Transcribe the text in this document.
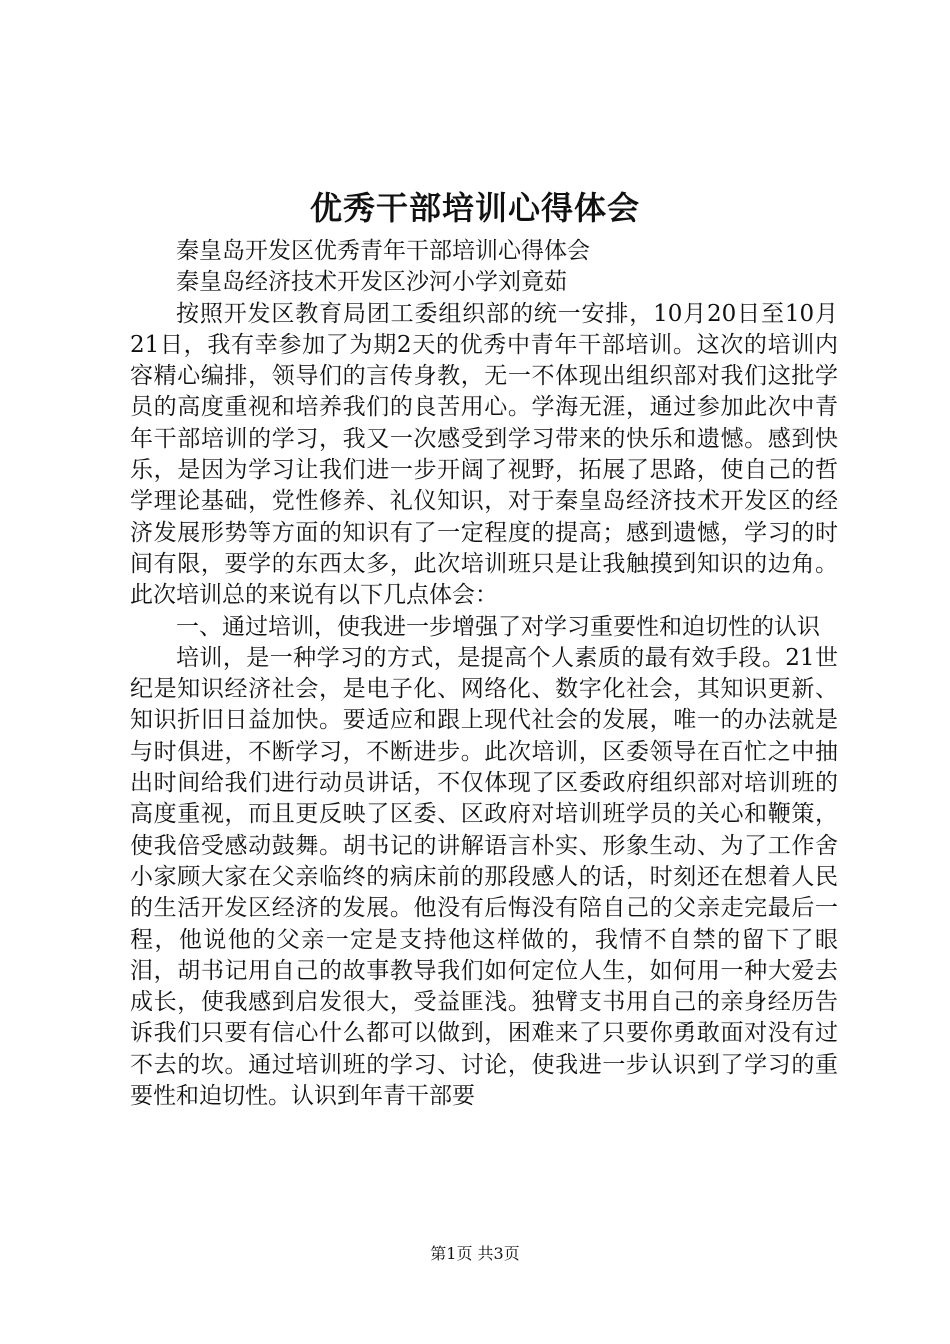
优秀干部培训心得体会

秦皇岛开发区优秀青年干部培训心得体会

秦皇岛经济技术开发区沙河小学刘竟茹

按照开发区教育局团工委组织部的统一安排，10月20日至10月21日，我有幸参加了为期2天的优秀中青年干部培训。这次的培训内容精心编排，领导们的言传身教，无一不体现出组织部对我们这批学员的高度重视和培养我们的良苦用心。学海无涯，通过参加此次中青年干部培训的学习，我又一次感受到学习带来的快乐和遗憾。感到快乐，是因为学习让我们进一步开阔了视野，拓展了思路，使自己的哲学理论基础，党性修养、礼仪知识，对于秦皇岛经济技术开发区的经济发展形势等方面的知识有了一定程度的提高；感到遗憾，学习的时间有限，要学的东西太多，此次培训班只是让我触摸到知识的边角。此次培训总的来说有以下几点体会：

一、通过培训，使我进一步增强了对学习重要性和迫切性的认识

培训，是一种学习的方式，是提高个人素质的最有效手段。21世纪是知识经济社会，是电子化、网络化、数字化社会，其知识更新、知识折旧日益加快。要适应和跟上现代社会的发展，唯一的办法就是与时俱进，不断学习，不断进步。此次培训，区委领导在百忙之中抽出时间给我们进行动员讲话，不仅体现了区委政府组织部对培训班的高度重视，而且更反映了区委、区政府对培训班学员的关心和鞭策，使我倍受感动鼓舞。胡书记的讲解语言朴实、形象生动、为了工作舍小家顾大家在父亲临终的病床前的那段感人的话，时刻还在想着人民的生活开发区经济的发展。他没有后悔没有陪自己的父亲走完最后一程，他说他的父亲一定是支持他这样做的，我情不自禁的留下了眼泪，胡书记用自己的故事教导我们如何定位人生，如何用一种大爱去成长，使我感到启发很大，受益匪浅。独臂支书用自己的亲身经历告诉我们只要有信心什么都可以做到，困难来了只要你勇敢面对没有过不去的坎。通过培训班的学习、讨论，使我进一步认识到了学习的重要性和迫切性。认识到年青干部要

第1页 共3页
